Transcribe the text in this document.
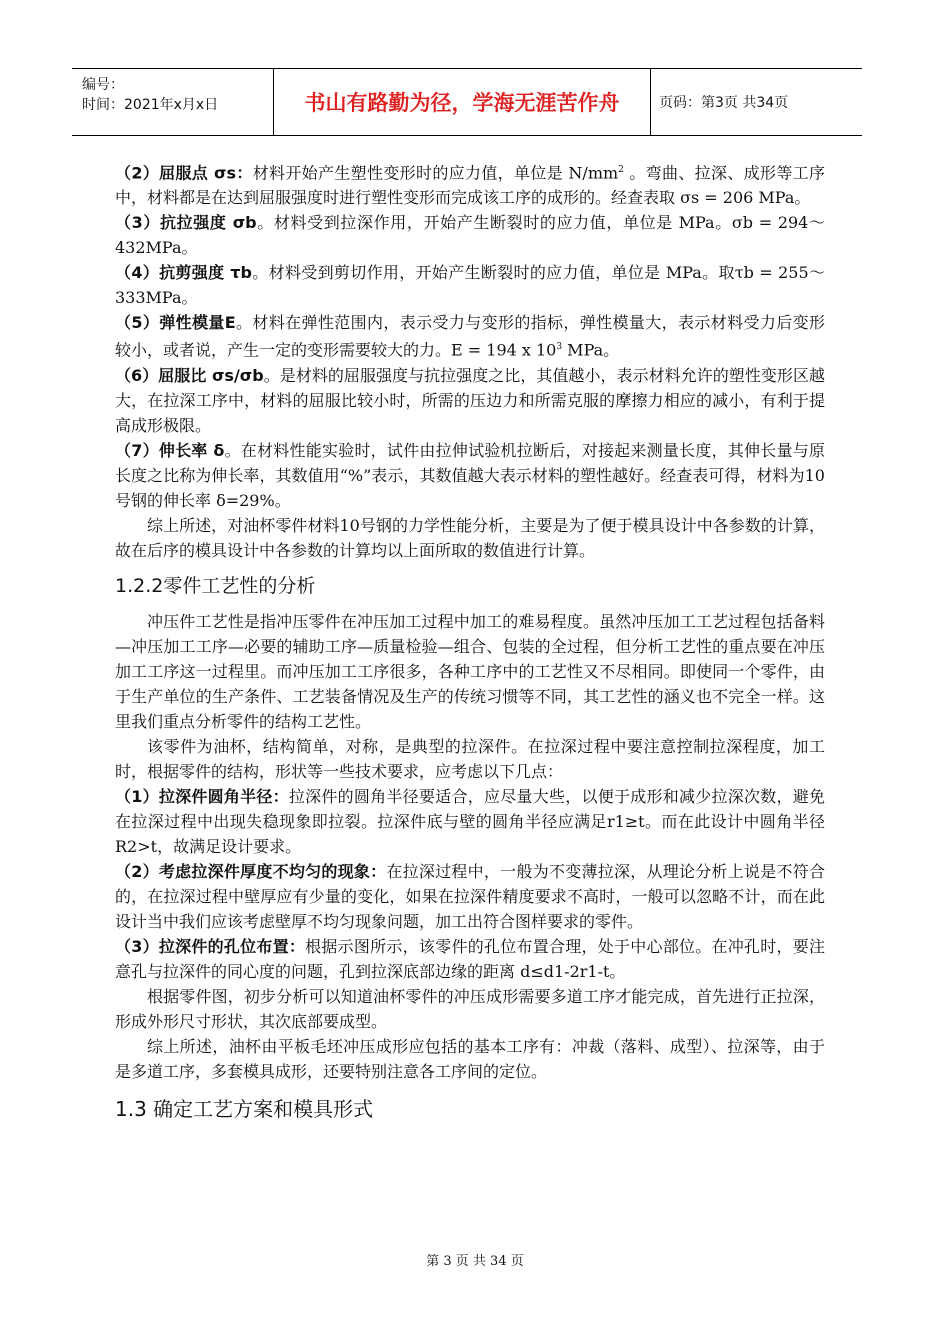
编号：
时间：2021年x月x日	书山有路勤为径，学海无涯苦作舟	页码：第3页 共34页

（2）屈服点 σs：材料开始产生塑性变形时的应力值，单位是 $N/mm^2$ 。弯曲、拉深、成形等工序中，材料都是在达到屈服强度时进行塑性变形而完成该工序的成形的。经查表取 σs = 206 MPa。

（3）抗拉强度 σb。材料受到拉深作用，开始产生断裂时的应力值，单位是 MPa。σb = 294～432MPa。

（4）抗剪强度 τb。材料受到剪切作用，开始产生断裂时的应力值，单位是 MPa。取τb = 255～333MPa。

（5）弹性模量E。材料在弹性范围内，表示受力与变形的指标，弹性模量大，表示材料受力后变形较小，或者说，产生一定的变形需要较大的力。E = 194 x $10^3$ MPa。

（6）屈服比 σs/σb。是材料的屈服强度与抗拉强度之比，其值越小，表示材料允许的塑性变形区越大，在拉深工序中，材料的屈服比较小时，所需的压边力和所需克服的摩擦力相应的减小，有利于提高成形极限。

（7）伸长率 δ。在材料性能实验时，试件由拉伸试验机拉断后，对接起来测量长度，其伸长量与原长度之比称为伸长率，其数值用“%”表示，其数值越大表示材料的塑性越好。经查表可得，材料为10号钢的伸长率 δ=29%。

综上所述，对油杯零件材料10号钢的力学性能分析，主要是为了便于模具设计中各参数的计算，故在后序的模具设计中各参数的计算均以上面所取的数值进行计算。

1.2.2零件工艺性的分析

冲压件工艺性是指冲压零件在冲压加工过程中加工的难易程度。虽然冲压加工工艺过程包括备料—冲压加工工序—必要的辅助工序—质量检验—组合、包装的全过程，但分析工艺性的重点要在冲压加工工序这一过程里。而冲压加工工序很多，各种工序中的工艺性又不尽相同。即使同一个零件，由于生产单位的生产条件、工艺装备情况及生产的传统习惯等不同，其工艺性的涵义也不完全一样。这里我们重点分析零件的结构工艺性。

该零件为油杯，结构简单，对称，是典型的拉深件。在拉深过程中要注意控制拉深程度，加工时，根据零件的结构，形状等一些技术要求，应考虑以下几点：

（1）拉深件圆角半径：拉深件的圆角半径要适合，应尽量大些，以便于成形和减少拉深次数，避免在拉深过程中出现失稳现象即拉裂。拉深件底与壁的圆角半径应满足r1≥t。而在此设计中圆角半径R2>t，故满足设计要求。

（2）考虑拉深件厚度不均匀的现象：在拉深过程中，一般为不变薄拉深，从理论分析上说是不符合的，在拉深过程中壁厚应有少量的变化，如果在拉深件精度要求不高时，一般可以忽略不计，而在此设计当中我们应该考虑壁厚不均匀现象问题，加工出符合图样要求的零件。

（3）拉深件的孔位布置：根据示图所示，该零件的孔位布置合理，处于中心部位。在冲孔时，要注意孔与拉深件的同心度的问题，孔到拉深底部边缘的距离 d≤d1-2r1-t。

根据零件图，初步分析可以知道油杯零件的冲压成形需要多道工序才能完成，首先进行正拉深，形成外形尺寸形状，其次底部要成型。

综上所述，油杯由平板毛坯冲压成形应包括的基本工序有：冲裁（落料、成型）、拉深等，由于是多道工序，多套模具成形，还要特别注意各工序间的定位。

1.3 确定工艺方案和模具形式
第 3 页 共 34 页
